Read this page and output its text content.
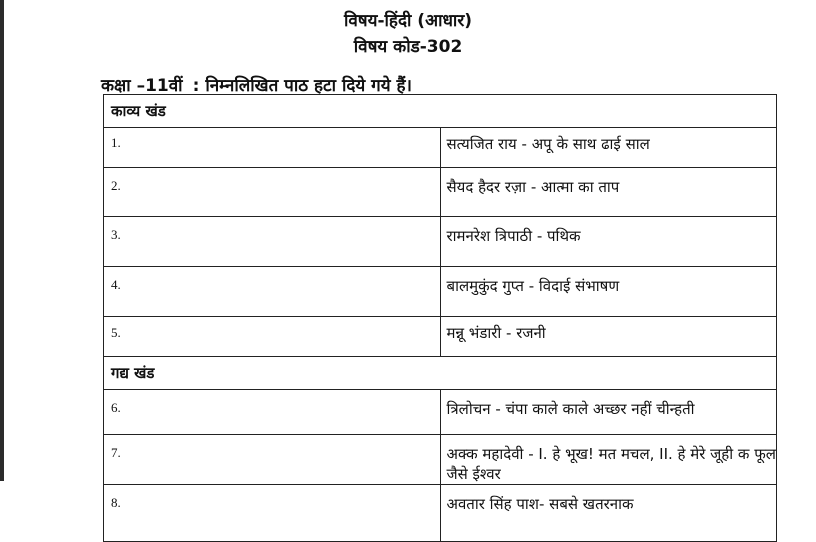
विषय-हिंदी (आधार)
विषय कोड-302
कक्षा –11वीं : निम्नलिखित पाठ हटा दिये गये हैं।
काव्य खंड	
1.	सत्यजित राय - अपू के साथ ढाई साल
2.	सैयद हैदर रज़ा - आत्मा का ताप
3.	रामनरेश त्रिपाठी - पथिक
4.	बालमुकुंद गुप्त - विदाई संभाषण
5.	मन्नू भंडारी - रजनी
गद्य खंड	
6.	त्रिलोचन - चंपा काले काले अच्छर नहीं चीन्हती
7.	अक्क महादेवी - I. हे भूख! मत मचल, II. हे मेरे जूही क फूल जैसे ईश्वर
8.	अवतार सिंह पाश- सबसे खतरनाक
